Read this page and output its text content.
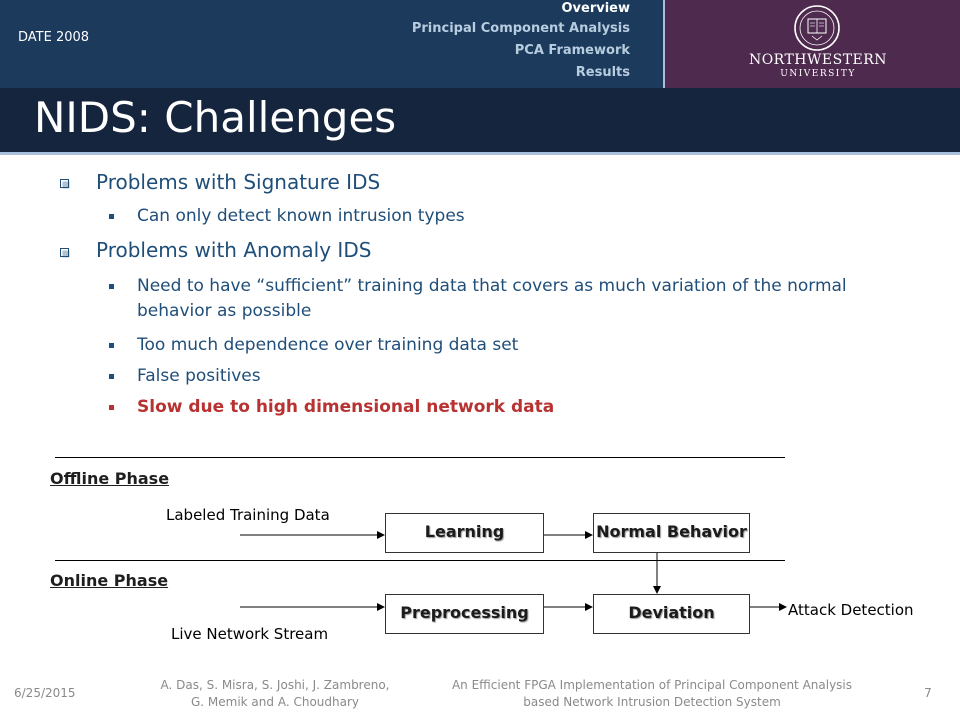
DATE 2008
Overview
Principal Component Analysis
PCA Framework
Results
NORTHWESTERN
UNIVERSITY
NIDS: Challenges
Problems with Signature IDS
Can only detect known intrusion types
Problems with Anomaly IDS
Need to have “sufficient” training data that covers as much variation of the normal behavior as possible
Too much dependence over training data set
False positives
Slow due to high dimensional network data
Offline Phase
Labeled Training Data
Learning	Normal Behavior
Online Phase
Preprocessing	Deviation	Attack Detection
Live Network Stream
6/25/2015
A. Das, S. Misra, S. Joshi, J. Zambreno,
G. Memik and A. Choudhary
An Efficient FPGA Implementation of Principal Component Analysis
based Network Intrusion Detection System
7
